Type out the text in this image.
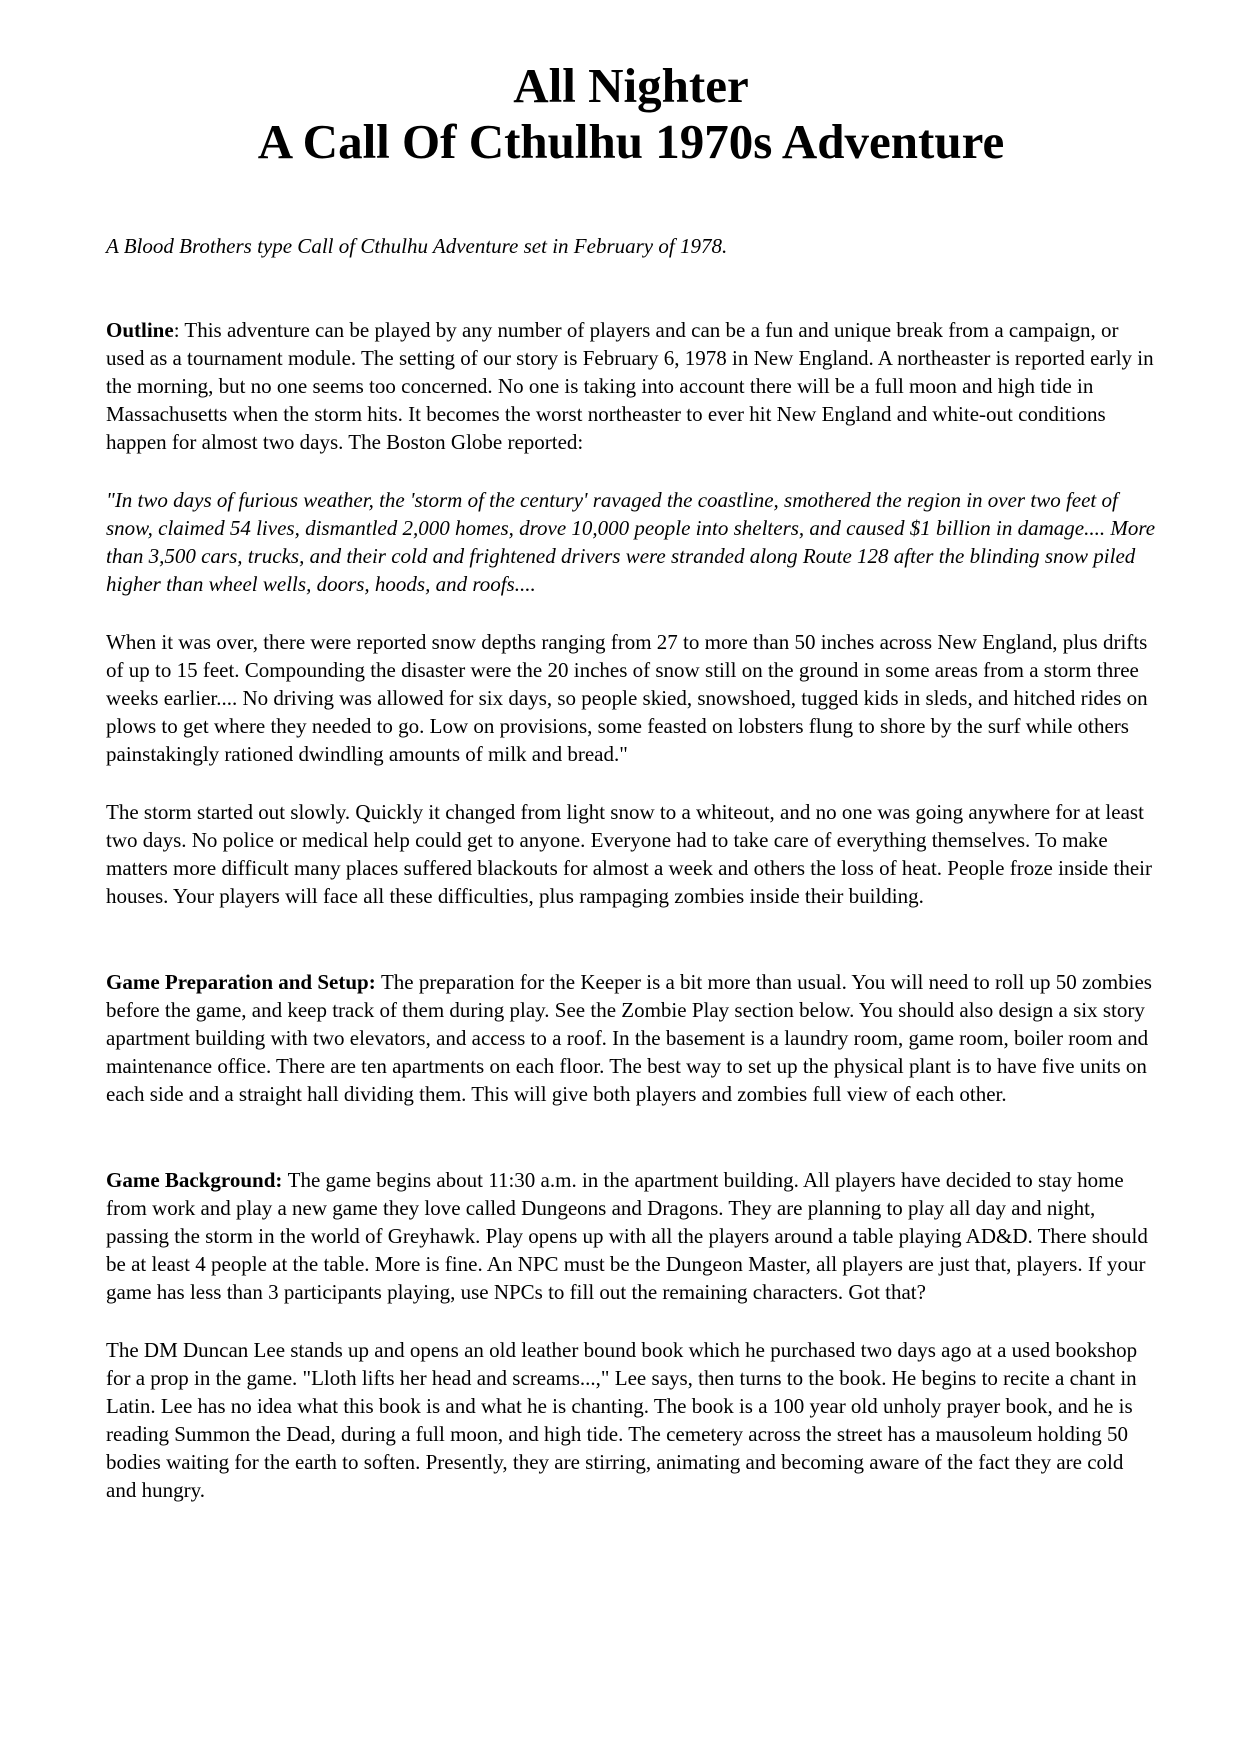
All Nighter
A Call Of Cthulhu 1970s Adventure
A Blood Brothers type Call of Cthulhu Adventure set in February of 1978.

Outline: This adventure can be played by any number of players and can be a fun and unique break from a campaign, or used as a tournament module. The setting of our story is February 6, 1978 in New England. A northeaster is reported early in the morning, but no one seems too concerned. No one is taking into account there will be a full moon and high tide in Massachusetts when the storm hits. It becomes the worst northeaster to ever hit New England and white-out conditions happen for almost two days. The Boston Globe reported:

"In two days of furious weather, the 'storm of the century' ravaged the coastline, smothered the region in over two feet of snow, claimed 54 lives, dismantled 2,000 homes, drove 10,000 people into shelters, and caused $1 billion in damage.... More than 3,500 cars, trucks, and their cold and frightened drivers were stranded along Route 128 after the blinding snow piled higher than wheel wells, doors, hoods, and roofs....

When it was over, there were reported snow depths ranging from 27 to more than 50 inches across New England, plus drifts of up to 15 feet. Compounding the disaster were the 20 inches of snow still on the ground in some areas from a storm three weeks earlier.... No driving was allowed for six days, so people skied, snowshoed, tugged kids in sleds, and hitched rides on plows to get where they needed to go. Low on provisions, some feasted on lobsters flung to shore by the surf while others painstakingly rationed dwindling amounts of milk and bread."

The storm started out slowly. Quickly it changed from light snow to a whiteout, and no one was going anywhere for at least two days. No police or medical help could get to anyone. Everyone had to take care of everything themselves. To make matters more difficult many places suffered blackouts for almost a week and others the loss of heat. People froze inside their houses. Your players will face all these difficulties, plus rampaging zombies inside their building.

Game Preparation and Setup: The preparation for the Keeper is a bit more than usual. You will need to roll up 50 zombies before the game, and keep track of them during play. See the Zombie Play section below. You should also design a six story apartment building with two elevators, and access to a roof. In the basement is a laundry room, game room, boiler room and maintenance office. There are ten apartments on each floor. The best way to set up the physical plant is to have five units on each side and a straight hall dividing them. This will give both players and zombies full view of each other.

Game Background: The game begins about 11:30 a.m. in the apartment building. All players have decided to stay home from work and play a new game they love called Dungeons and Dragons. They are planning to play all day and night, passing the storm in the world of Greyhawk. Play opens up with all the players around a table playing AD&D. There should be at least 4 people at the table. More is fine. An NPC must be the Dungeon Master, all players are just that, players. If your game has less than 3 participants playing, use NPCs to fill out the remaining characters. Got that?

The DM Duncan Lee stands up and opens an old leather bound book which he purchased two days ago at a used bookshop for a prop in the game. "Lloth lifts her head and screams...," Lee says, then turns to the book. He begins to recite a chant in Latin. Lee has no idea what this book is and what he is chanting. The book is a 100 year old unholy prayer book, and he is reading Summon the Dead, during a full moon, and high tide. The cemetery across the street has a mausoleum holding 50 bodies waiting for the earth to soften. Presently, they are stirring, animating and becoming aware of the fact they are cold and hungry.
